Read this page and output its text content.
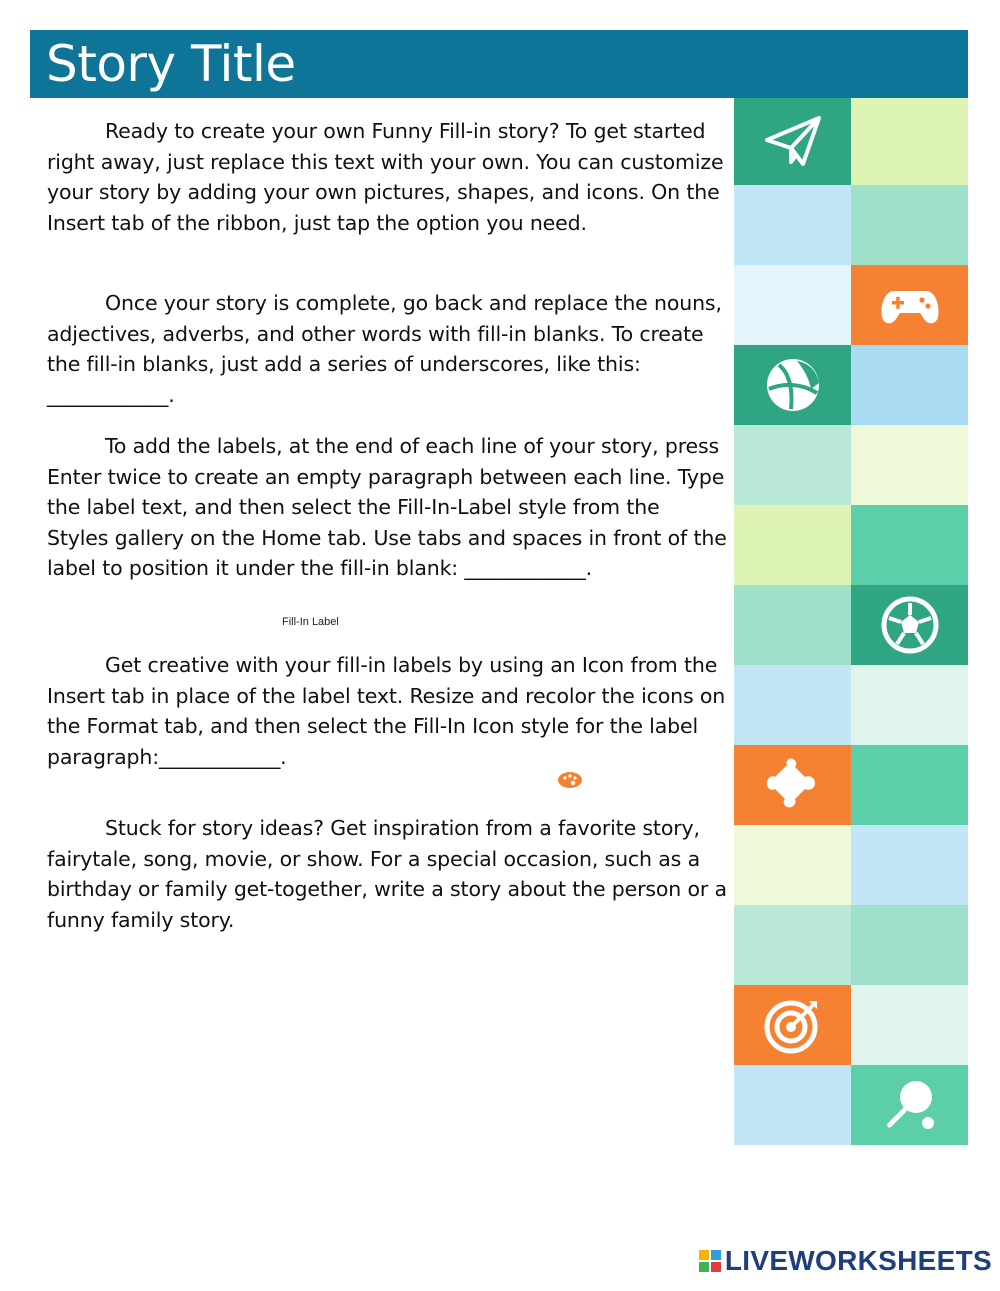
Story Title

Ready to create your own Funny Fill-in story? To get started right away, just replace this text with your own. You can customize your story by adding your own pictures, shapes, and icons. On the Insert tab of the ribbon, just tap the option you need.

Once your story is complete, go back and replace the nouns, adjectives, adverbs, and other words with fill-in blanks. To create the fill-in blanks, just add a series of underscores, like this: ____________.

To add the labels, at the end of each line of your story, press Enter twice to create an empty paragraph between each line. Type the label text, and then select the Fill-In-Label style from the Styles gallery on the Home tab. Use tabs and spaces in front of the label to position it under the fill-in blank: ____________.

Fill-In Label

Get creative with your fill-in labels by using an Icon from the Insert tab in place of the label text. Resize and recolor the icons on the Format tab, and then select the Fill-In Icon style for the label paragraph:____________.

Stuck for story ideas? Get inspiration from a favorite story, fairytale, song, movie, or show. For a special occasion, such as a birthday or family get-together, write a story about the person or a funny family story.

LIVEWORKSHEETS
